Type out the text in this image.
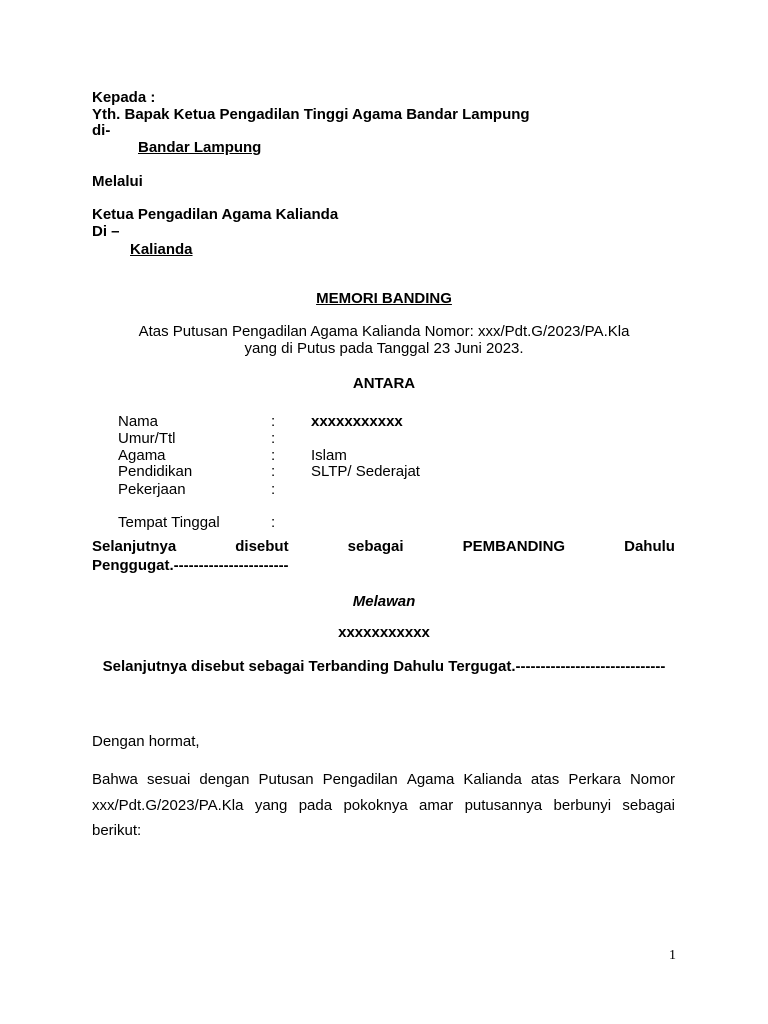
Kepada :
Yth. Bapak Ketua Pengadilan Tinggi Agama Bandar Lampung
di-
Bandar Lampung
Melalui
Ketua Pengadilan Agama Kalianda
Di –
Kalianda
MEMORI BANDING
Atas Putusan Pengadilan Agama Kalianda Nomor: xxx/Pdt.G/2023/PA.Kla
yang di Putus pada Tanggal 23 Juni 2023.
ANTARA
Nama	: xxxxxxxxxxx
Umur/Ttl	:
Agama	: Islam
Pendidikan	: SLTP/ Sederajat
Pekerjaan	:
Tempat Tinggal	:
Selanjutnya	disebut	sebagai	PEMBANDING	Dahulu
Penggugat.-----------------------
Melawan
xxxxxxxxxxx
Selanjutnya disebut sebagai Terbanding Dahulu Tergugat.------------------------------
Dengan hormat,
Bahwa sesuai dengan Putusan Pengadilan Agama Kalianda atas Perkara Nomor
xxx/Pdt.G/2023/PA.Kla yang pada pokoknya amar putusannya berbunyi sebagai
berikut:
1
